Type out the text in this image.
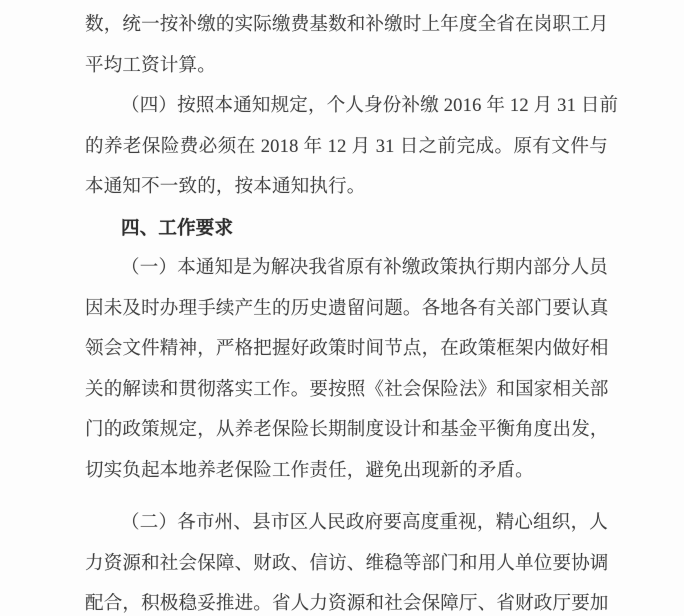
数，统一按补缴的实际缴费基数和补缴时上年度全省在岗职工月
平均工资计算。
（四）按照本通知规定，个人身份补缴 2016 年 12 月 31 日前
的养老保险费必须在 2018 年 12 月 31 日之前完成。原有文件与
本通知不一致的，按本通知执行。
四、工作要求
（一）本通知是为解决我省原有补缴政策执行期内部分人员
因未及时办理手续产生的历史遗留问题。各地各有关部门要认真
领会文件精神，严格把握好政策时间节点，在政策框架内做好相
关的解读和贯彻落实工作。要按照《社会保险法》和国家相关部
门的政策规定，从养老保险长期制度设计和基金平衡角度出发，
切实负起本地养老保险工作责任，避免出现新的矛盾。
（二）各市州、县市区人民政府要高度重视，精心组织，人
力资源和社会保障、财政、信访、维稳等部门和用人单位要协调
配合，积极稳妥推进。省人力资源和社会保障厅、省财政厅要加
